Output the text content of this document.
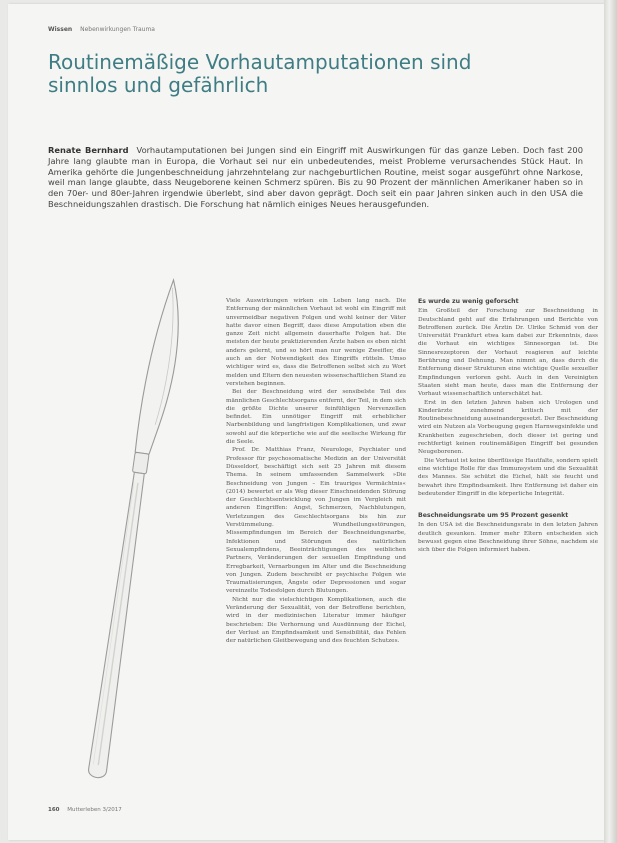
Wissen Nebenwirkungen Trauma
Routinemäßige Vorhautamputationen sind sinnlos und gefährlich

Renate Bernhard Vorhautamputationen bei Jungen sind ein Eingriff mit Auswirkungen für das ganze Leben. Doch fast 200 Jahre lang glaubte man in Europa, die Vorhaut sei nur ein unbedeutendes, meist Probleme verursachendes Stück Haut. In Amerika gehörte die Jungenbeschneidung jahrzehntelang zur nachgeburtlichen Routine, meist sogar ausgeführt ohne Narkose, weil man lange glaubte, dass Neugeborene keinen Schmerz spüren. Bis zu 90 Prozent der männlichen Amerikaner haben so in den 70er- und 80er-Jahren irgendwie überlebt, sind aber davon geprägt. Doch seit ein paar Jahren sinken auch in den USA die Beschneidungszahlen drastisch. Die Forschung hat nämlich einiges Neues herausgefunden.

Viele Auswirkungen wirken ein Leben lang nach. Die Entfernung der männlichen Vorhaut ist wohl ein Eingriff mit unvermeidbar negativen Folgen und wohl keiner der Väter hatte davor einen Begriff, dass diese Amputation eben die ganze Zeit nicht allgemein dauerhafte Folgen hat. Die meisten der heute praktizierenden Ärzte haben es eben nicht anders gelernt, und so hört man nur wenige Zweifler, die auch an der Notwendigkeit des Eingriffs rütteln. Umso wichtiger wird es, dass die Betroffenen selbst sich zu Wort melden und Eltern den neuesten wissenschaftlichen Stand zu verstehen beginnen.

Bei der Beschneidung wird der sensibelste Teil des männlichen Geschlechtsorgans entfernt, der Teil, in dem sich die größte Dichte unserer feinfühligen Nervenzellen befindet. Ein unnötiger Eingriff mit erheblicher Narbenbildung und langfristigen Komplikationen, und zwar sowohl auf die körperliche wie auf die seelische Wirkung für die Seele.

Prof. Dr. Matthias Franz, Neurologe, Psychiater und Professor für psychosomatische Medizin an der Universität Düsseldorf, beschäftigt sich seit 25 Jahren mit diesem Thema. In seinem umfassenden Sammelwerk »Die Beschneidung von Jungen – Ein trauriges Vermächtnis« (2014) bewertet er als Weg dieser Einschneidenden Störung der Geschlechtsentwicklung von Jungen im Vergleich mit anderen Eingriffen: Angst, Schmerzen, Nachblutungen, Verletzungen des Geschlechtsorgans bis hin zur Verstümmelung. Wundheilungsstörungen, Missempfindungen im Bereich der Beschneidungsnarbe, Infektionen und Störungen des natürlichen Sexualempfindens, Beeinträchtigungen des weiblichen Partners, Veränderungen der sexuellen Empfindung und Erregbarkeit, Vernarbungen im Alter und die Beschneidung von Jungen. Zudem beschreibt er psychische Folgen wie Traumatisierungen, Ängste oder Depressionen und sogar vereinzelte Todesfolgen durch Blutungen.

Nicht nur die vielschichtigen Komplikationen, auch die Veränderung der Sexualität, von der Betroffene berichten, wird in der medizinischen Literatur immer häufiger beschrieben: Die Verhornung und Ausdünnung der Eichel, der Verlust an Empfindsamkeit und Sensibilität, das Fehlen der natürlichen Gleitbewegung und des feuchten Schutzes.

Es wurde zu wenig geforscht

Ein Großteil der Forschung zur Beschneidung in Deutschland geht auf die Erfahrungen und Berichte von Betroffenen zurück. Die Ärztin Dr. Ulrike Schmid von der Universität Frankfurt etwa kam dabei zur Erkenntnis, dass die Vorhaut ein wichtiges Sinnesorgan ist. Die Sinnesrezeptoren der Vorhaut reagieren auf leichte Berührung und Dehnung. Man nimmt an, dass durch die Entfernung dieser Strukturen eine wichtige Quelle sexueller Empfindungen verloren geht. Auch in den Vereinigten Staaten sieht man heute, dass man die Entfernung der Vorhaut wissenschaftlich unterschätzt hat.

Erst in den letzten Jahren haben sich Urologen und Kinderärzte zunehmend kritisch mit der Routinebeschneidung auseinandergesetzt. Der Beschneidung wird ein Nutzen als Vorbeugung gegen Harnwegsinfekte und Krankheiten zugeschrieben, doch dieser ist gering und rechtfertigt keinen routinemäßigen Eingriff bei gesunden Neugeborenen.

Die Vorhaut ist keine überflüssige Hautfalte, sondern spielt eine wichtige Rolle für das Immunsystem und die Sexualität des Mannes. Sie schützt die Eichel, hält sie feucht und bewahrt ihre Empfindsamkeit. Ihre Entfernung ist daher ein bedeutender Eingriff in die körperliche Integrität.

Beschneidungsrate um 95 Prozent gesenkt

In den USA ist die Beschneidungsrate in den letzten Jahren deutlich gesunken. Immer mehr Eltern entscheiden sich bewusst gegen eine Beschneidung ihrer Söhne, nachdem sie sich über die Folgen informiert haben.

160 Mutterleben 3/2017
